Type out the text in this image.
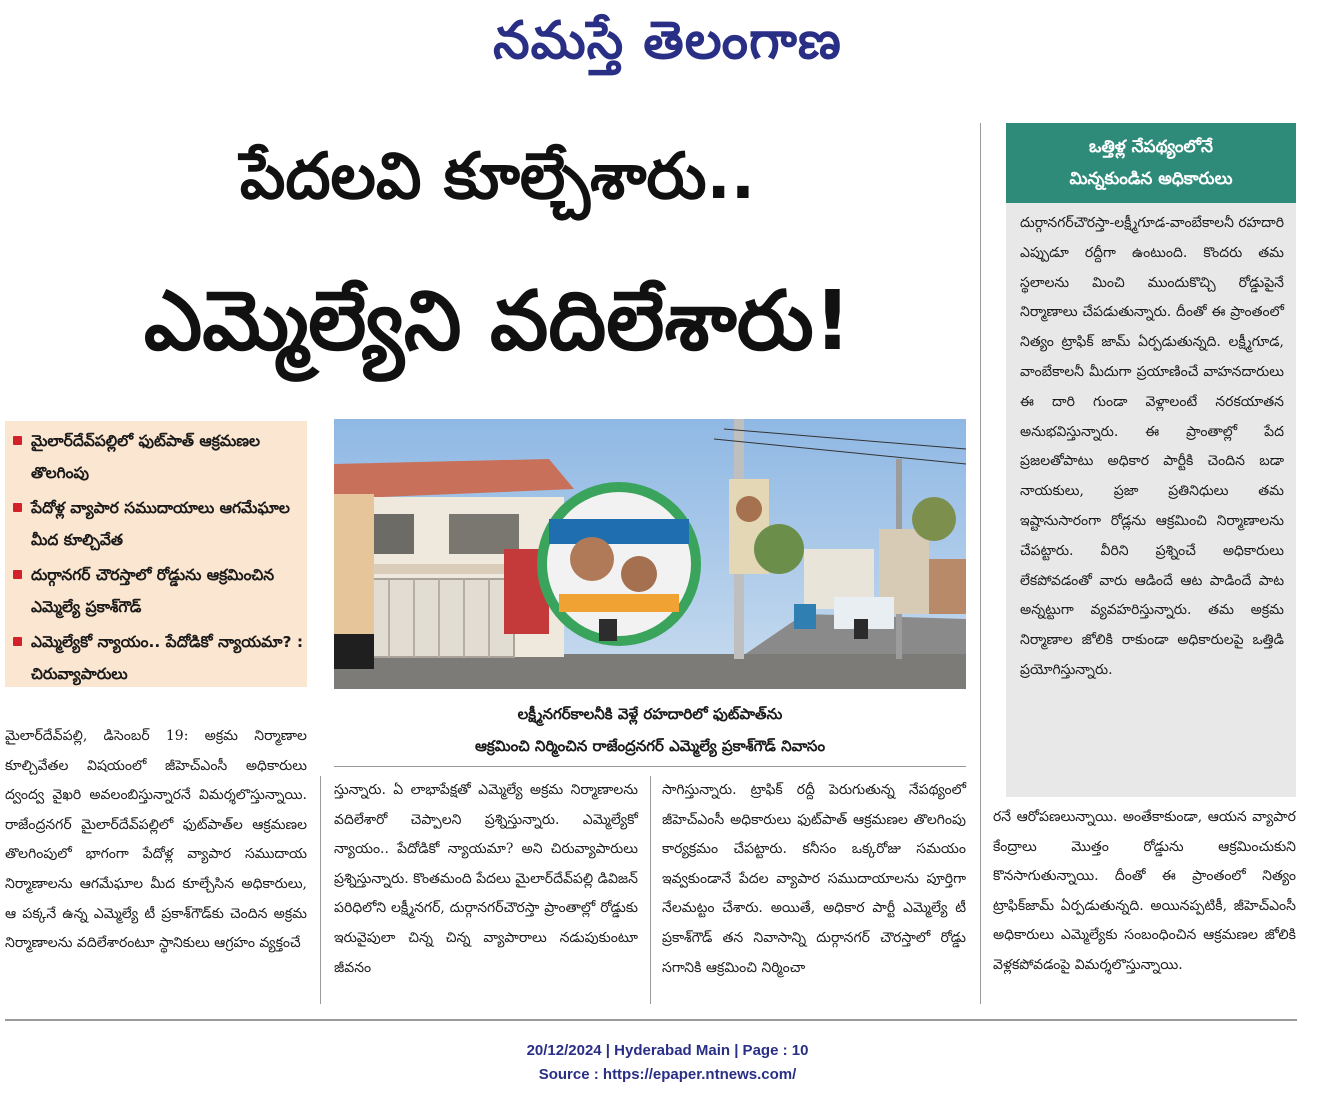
నమస్తే తెలంగాణ
పేదలవి కూల్చేశారు..
ఎమ్మెల్యేని వదిలేశారు!
ఒత్తిళ్ల నేపథ్యంలోనే
మిన్నకుండిన అధికారులు
దుర్గానగర్‌చౌరస్తా-లక్ష్మీగూడ-వాంబేకాలనీ రహదారి ఎప్పుడూ రద్దీగా ఉంటుంది. కొందరు తమ స్థలాలను మించి ముందుకొచ్చి రోడ్డుపైనే నిర్మాణాలు చేపడుతున్నారు. దీంతో ఈ ప్రాంతంలో నిత్యం ట్రాఫిక్ జామ్ ఏర్పడుతున్నది. లక్ష్మీగూడ, వాంబేకాలనీ మీదుగా ప్రయాణించే వాహనదారులు ఈ దారి గుండా వెళ్లాలంటే నరకయాతన అనుభవిస్తున్నారు. ఈ ప్రాంతాల్లో పేద ప్రజలతోపాటు అధికార పార్టీకి చెందిన బడా నాయకులు, ప్రజా ప్రతినిధులు తమ ఇష్టానుసారంగా రోడ్లను ఆక్రమించి నిర్మాణాలను చేపట్టారు. వీరిని ప్రశ్నించే అధికారులు లేకపోవడంతో వారు ఆడిందే ఆట పాడిందే పాట అన్నట్టుగా వ్యవహరిస్తున్నారు. తమ అక్రమ నిర్మాణాల జోలికి రాకుండా అధికారులపై ఒత్తిడి ప్రయోగిస్తున్నారు.
మైలార్‌దేవ్‌పల్లిలో ఫుట్‌పాత్ ఆక్రమణల తొలగింపు
పేదోళ్ల వ్యాపార సముదాయాలు ఆగమేఘాల మీద కూల్చివేత
దుర్గానగర్ చౌరస్తాలో రోడ్డును ఆక్రమించిన ఎమ్మెల్యే ప్రకాశ్‌గౌడ్
ఎమ్మెల్యేకో న్యాయం.. పేదోడికో న్యాయమా? : చిరువ్యాపారులు
లక్ష్మీనగర్‌కాలనీకి వెళ్లే రహదారిలో ఫుట్‌పాత్‌ను
ఆక్రమించి నిర్మించిన రాజేంద్రనగర్ ఎమ్మెల్యే ప్రకాశ్‌గౌడ్ నివాసం
మైలార్‌దేవ్‌పల్లి, డిసెంబర్ 19: అక్రమ నిర్మాణాల కూల్చివేతల విషయంలో జీహెచ్‌ఎంసీ అధికారులు ద్వంద్వ వైఖరి అవలంబిస్తున్నారనే విమర్శలొస్తున్నాయి. రాజేంద్రనగర్ మైలార్‌దేవ్‌పల్లిలో ఫుట్‌పాత్‌ల ఆక్రమణల తొలగింపులో భాగంగా పేదోళ్ల వ్యాపార సముదాయ నిర్మాణాలను ఆగమేఘాల మీద కూల్చేసిన అధికారులు, ఆ పక్కనే ఉన్న ఎమ్మెల్యే టీ ప్రకాశ్‌గౌడ్‌కు చెందిన అక్రమ నిర్మాణాలను వదిలేశారంటూ స్థానికులు ఆగ్రహం వ్యక్తంచే
స్తున్నారు. ఏ లాభాపేక్షతో ఎమ్మెల్యే అక్రమ నిర్మాణాలను వదిలేశారో చెప్పాలని ప్రశ్నిస్తున్నారు. ఎమ్మెల్యేకో న్యాయం.. పేదోడికో న్యాయమా? అని చిరువ్యాపారులు ప్రశ్నిస్తున్నారు. కొంతమంది పేదలు మైలార్‌దేవ్‌పల్లి డివిజన్ పరిధిలోని లక్ష్మీనగర్, దుర్గానగర్‌చౌరస్తా ప్రాంతాల్లో రోడ్డుకు ఇరువైపులా చిన్న చిన్న వ్యాపారాలు నడుపుకుంటూ జీవనం
సాగిస్తున్నారు. ట్రాఫిక్ రద్దీ పెరుగుతున్న నేపథ్యంలో జీహెచ్‌ఎంసీ అధికారులు ఫుట్‌పాత్ ఆక్రమణల తొలగింపు కార్యక్రమం చేపట్టారు. కనీసం ఒక్కరోజు సమయం ఇవ్వకుండానే పేదల వ్యాపార సముదాయాలను పూర్తిగా నేలమట్టం చేశారు. అయితే, అధికార పార్టీ ఎమ్మెల్యే టీ ప్రకాశ్‌గౌడ్ తన నివాసాన్ని దుర్గానగర్ చౌరస్తాలో రోడ్డు సగానికి ఆక్రమించి నిర్మించా
రనే ఆరోపణలున్నాయి. అంతేకాకుండా, ఆయన వ్యాపార కేంద్రాలు మొత్తం రోడ్డును ఆక్రమించుకుని కొనసాగుతున్నాయి. దీంతో ఈ ప్రాంతంలో నిత్యం ట్రాఫిక్‌జామ్ ఏర్పడుతున్నది. అయినప్పటికీ, జీహెచ్‌ఎంసీ అధికారులు ఎమ్మెల్యేకు సంబంధించిన ఆక్రమణల జోలికి వెళ్లకపోవడంపై విమర్శలొస్తున్నాయి.
20/12/2024 | Hyderabad Main | Page : 10
Source : https://epaper.ntnews.com/
